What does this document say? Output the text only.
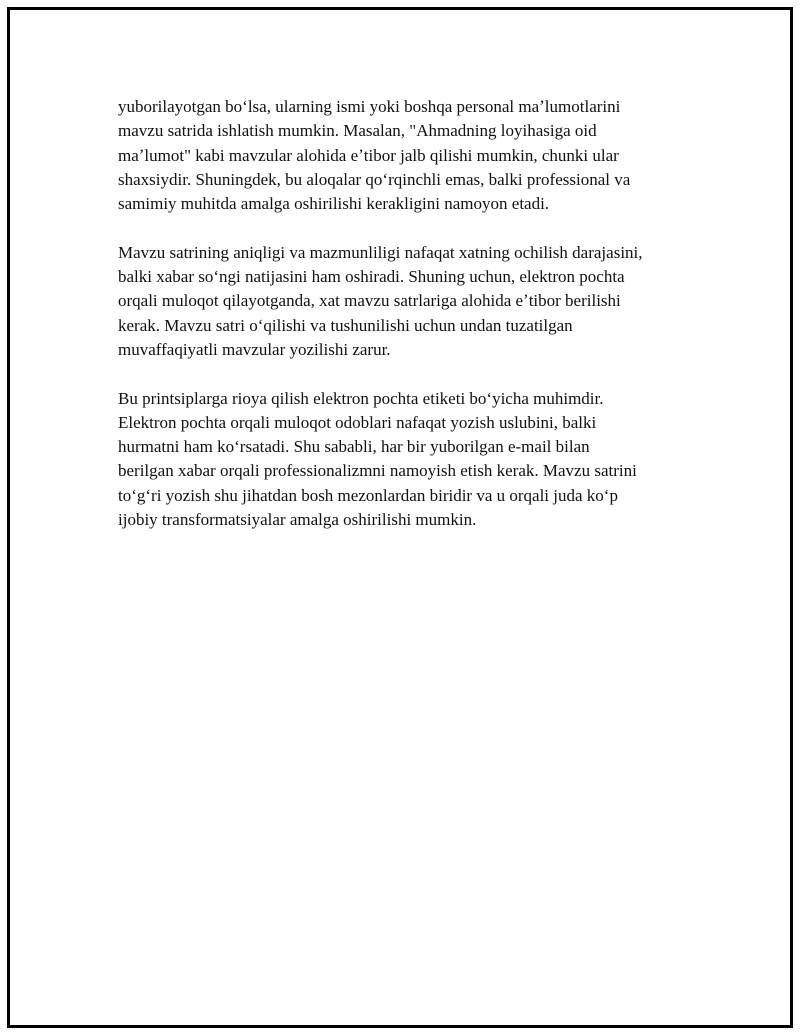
yuborilayotgan boʻlsa, ularning ismi yoki boshqa personal maʼlumotlarini
mavzu satrida ishlatish mumkin. Masalan, "Ahmadning loyihasiga oid
maʼlumot" kabi mavzular alohida eʼtibor jalb qilishi mumkin, chunki ular
shaxsiydir. Shuningdek, bu aloqalar qoʻrqinchli emas, balki professional va
samimiy muhitda amalga oshirilishi kerakligini namoyon etadi.

Mavzu satrining aniqligi va mazmunliligi nafaqat xatning ochilish darajasini,
balki xabar soʻngi natijasini ham oshiradi. Shuning uchun, elektron pochta
orqali muloqot qilayotganda, xat mavzu satrlariga alohida eʼtibor berilishi
kerak. Mavzu satri oʻqilishi va tushunilishi uchun undan tuzatilgan
muvaffaqiyatli mavzular yozilishi zarur.

Bu printsiplarga rioya qilish elektron pochta etiketi boʻyicha muhimdir.
Elektron pochta orqali muloqot odoblari nafaqat yozish uslubini, balki
hurmatni ham koʻrsatadi. Shu sababli, har bir yuborilgan e-mail bilan
berilgan xabar orqali professionalizmni namoyish etish kerak. Mavzu satrini
toʻgʻri yozish shu jihatdan bosh mezonlardan biridir va u orqali juda koʻp
ijobiy transformatsiyalar amalga oshirilishi mumkin.
